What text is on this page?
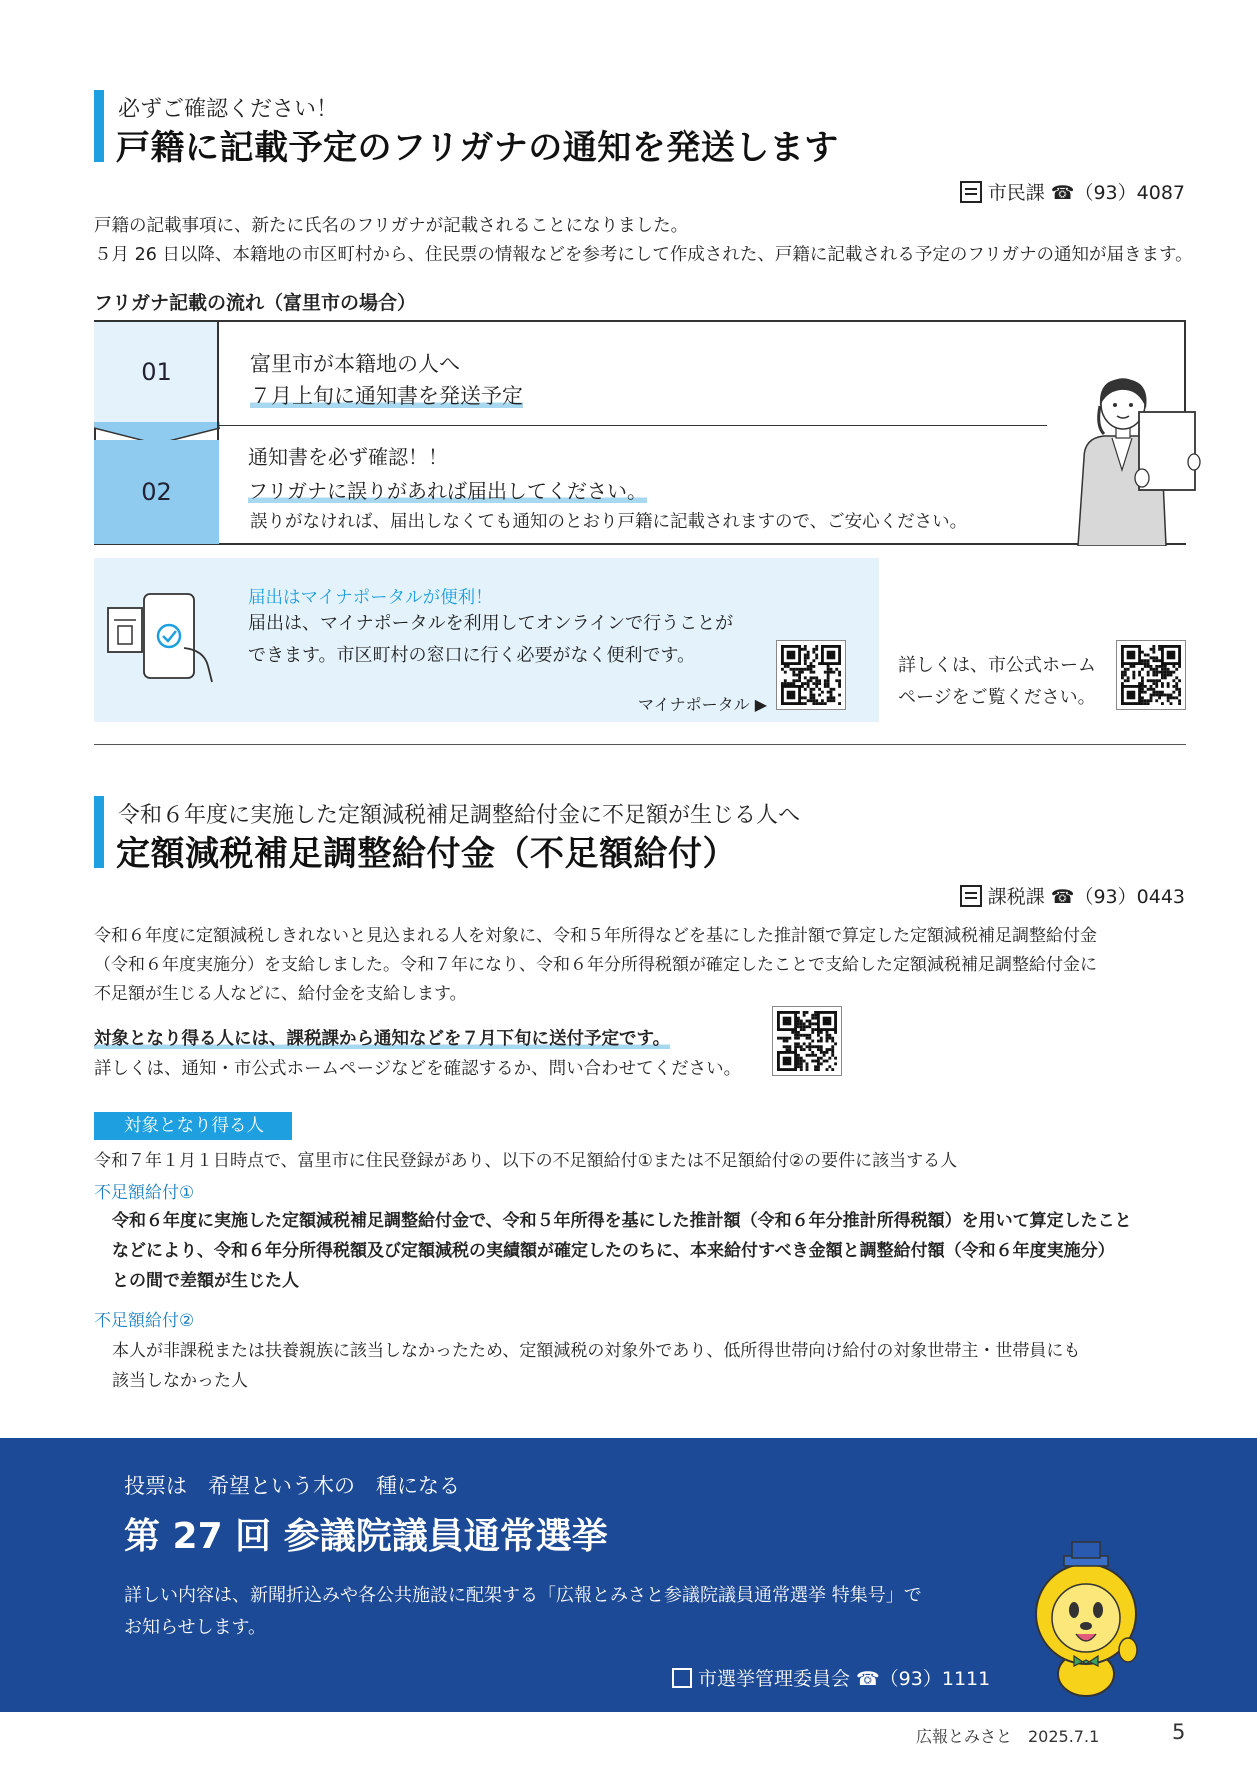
必ずご確認ください！
戸籍に記載予定のフリガナの通知を発送します
市民課 ☎（93）4087
戸籍の記載事項に、新たに氏名のフリガナが記載されることになりました。
５月 26 日以降、本籍地の市区町村から、住民票の情報などを参考にして作成された、戸籍に記載される予定のフリガナの通知が届きます。
フリガナ記載の流れ（富里市の場合）
01	富里市が本籍地の人へ
７月上旬に通知書を発送予定
02
通知書を必ず確認！！
フリガナに誤りがあれば届出してください。
誤りがなければ、届出しなくても通知のとおり戸籍に記載されますので、ご安心ください。
届出はマイナポータルが便利！
届出は、マイナポータルを利用してオンラインで行うことが
できます。市区町村の窓口に行く必要がなく便利です。
マイナポータル ▶
詳しくは、市公式ホーム
ページをご覧ください。
令和６年度に実施した定額減税補足調整給付金に不足額が生じる人へ
定額減税補足調整給付金（不足額給付）
課税課 ☎（93）0443
令和６年度に定額減税しきれないと見込まれる人を対象に、令和５年所得などを基にした推計額で算定した定額減税補足調整給付金
（令和６年度実施分）を支給しました。令和７年になり、令和６年分所得税額が確定したことで支給した定額減税補足調整給付金に
不足額が生じる人などに、給付金を支給します。
対象となり得る人には、課税課から通知などを７月下旬に送付予定です。
詳しくは、通知・市公式ホームページなどを確認するか、問い合わせてください。
対象となり得る人
令和７年１月１日時点で、富里市に住民登録があり、以下の不足額給付①または不足額給付②の要件に該当する人
不足額給付①
令和６年度に実施した定額減税補足調整給付金で、令和５年所得を基にした推計額（令和６年分推計所得税額）を用いて算定したこと
などにより、令和６年分所得税額及び定額減税の実績額が確定したのちに、本来給付すべき金額と調整給付額（令和６年度実施分）
との間で差額が生じた人
不足額給付②
本人が非課税または扶養親族に該当しなかったため、定額減税の対象外であり、低所得世帯向け給付の対象世帯主・世帯員にも
該当しなかった人
投票は　希望という木の　種になる
第 27 回 参議院議員通常選挙
詳しい内容は、新聞折込みや各公共施設に配架する「広報とみさと参議院議員通常選挙 特集号」で
お知らせします。
市選挙管理委員会 ☎（93）1111
広報とみさと　2025.7.1	5
